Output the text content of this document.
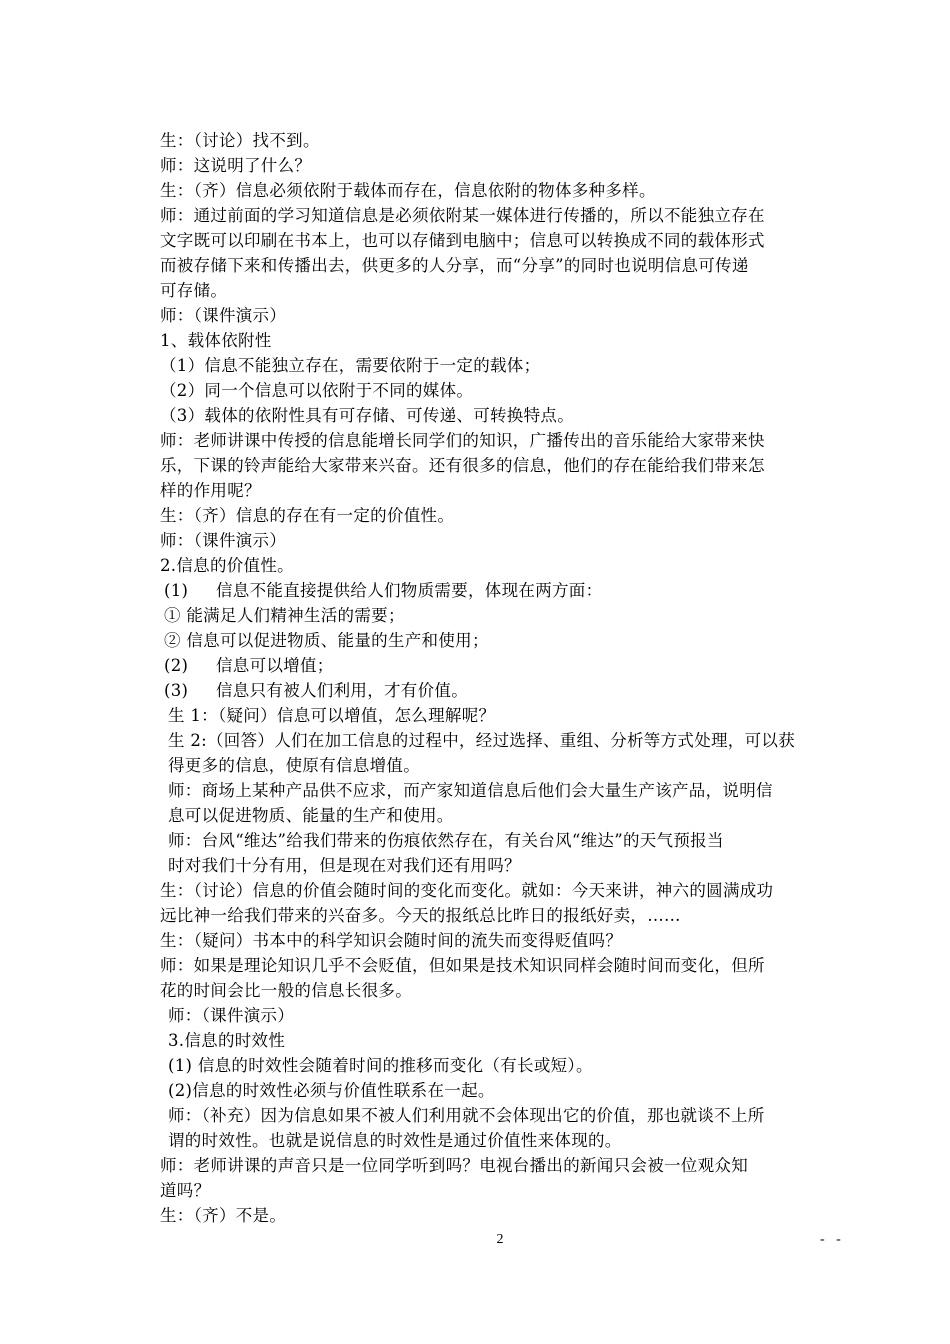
生：（讨论）找不到。
师：这说明了什么？
生：（齐）信息必须依附于载体而存在，信息依附的物体多种多样。
师：通过前面的学习知道信息是必须依附某一媒体进行传播的，所以不能独立存在
文字既可以印刷在书本上，也可以存储到电脑中；信息可以转换成不同的载体形式
而被存储下来和传播出去，供更多的人分享，而“分享”的同时也说明信息可传递
可存储。
师：（课件演示）
1、载体依附性
（1）信息不能独立存在，需要依附于一定的载体；
（2）同一个信息可以依附于不同的媒体。
（3）载体的依附性具有可存储、可传递、可转换特点。
师：老师讲课中传授的信息能增长同学们的知识，广播传出的音乐能给大家带来快
乐，下课的铃声能给大家带来兴奋。还有很多的信息，他们的存在能给我们带来怎
样的作用呢？
生：（齐）信息的存在有一定的价值性。
师：（课件演示）
2.信息的价值性。
(1) 信息不能直接提供给人们物质需要，体现在两方面：
① 能满足人们精神生活的需要；
② 信息可以促进物质、能量的生产和使用；
(2) 信息可以增值；
(3) 信息只有被人们利用，才有价值。
生 1：（疑问）信息可以增值，怎么理解呢？
生 2:（回答）人们在加工信息的过程中，经过选择、重组、分析等方式处理，可以获
得更多的信息，使原有信息增值。
师：商场上某种产品供不应求，而产家知道信息后他们会大量生产该产品，说明信
息可以促进物质、能量的生产和使用。
师：台风“维达”给我们带来的伤痕依然存在，有关台风“维达”的天气预报当
时对我们十分有用，但是现在对我们还有用吗？
生：（讨论）信息的价值会随时间的变化而变化。就如：今天来讲，神六的圆满成功
远比神一给我们带来的兴奋多。今天的报纸总比昨日的报纸好卖，……
生：（疑问）书本中的科学知识会随时间的流失而变得贬值吗？
师：如果是理论知识几乎不会贬值，但如果是技术知识同样会随时间而变化，但所
花的时间会比一般的信息长很多。
师：（课件演示）
3.信息的时效性
(1) 信息的时效性会随着时间的推移而变化（有长或短）。
(2)信息的时效性必须与价值性联系在一起。
师：（补充）因为信息如果不被人们利用就不会体现出它的价值，那也就谈不上所
谓的时效性。也就是说信息的时效性是通过价值性来体现的。
师：老师讲课的声音只是一位同学听到吗？电视台播出的新闻只会被一位观众知
道吗？
生：（齐）不是。
2	- -
